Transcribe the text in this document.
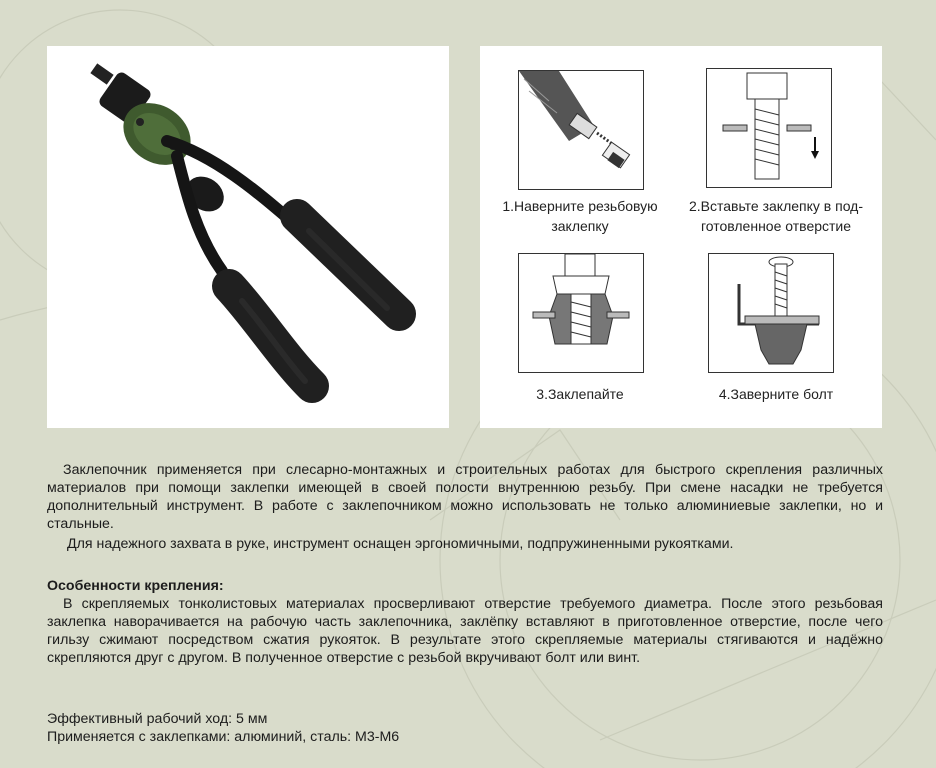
1.Наверните резьбовую
заклепку
2.Вставьте заклепку в под-
готовленное отверстие
3.Заклепайте	4.Заверните болт

Заклепочник применяется при слесарно-монтажных и строительных работах для быстрого скрепления различных материалов при помощи заклепки имеющей в своей полости внутреннюю резьбу. При смене насадки не требуется дополнительный инструмент. В работе с заклепочником можно использовать не только алюминиевые заклепки, но и стальные.

Для надежного захвата в руке, инструмент оснащен эргономичными, подпружиненными рукоятками.

Особенности крепления:

В скрепляемых тонколистовых материалах просверливают отверстие требуемого диаметра. После этого резьбовая заклепка наворачивается на рабочую часть заклепочника, заклёпку вставляют в приготовленное отверстие, после чего гильзу сжимают посредством сжатия рукояток. В результате этого скрепляемые материалы стягиваются и надёжно скрепляются друг с другом. В полученное отверстие с резьбой вкручивают болт или винт.

Эффективный рабочий ход: 5 мм

Применяется с заклепками: алюминий, сталь: М3-М6
